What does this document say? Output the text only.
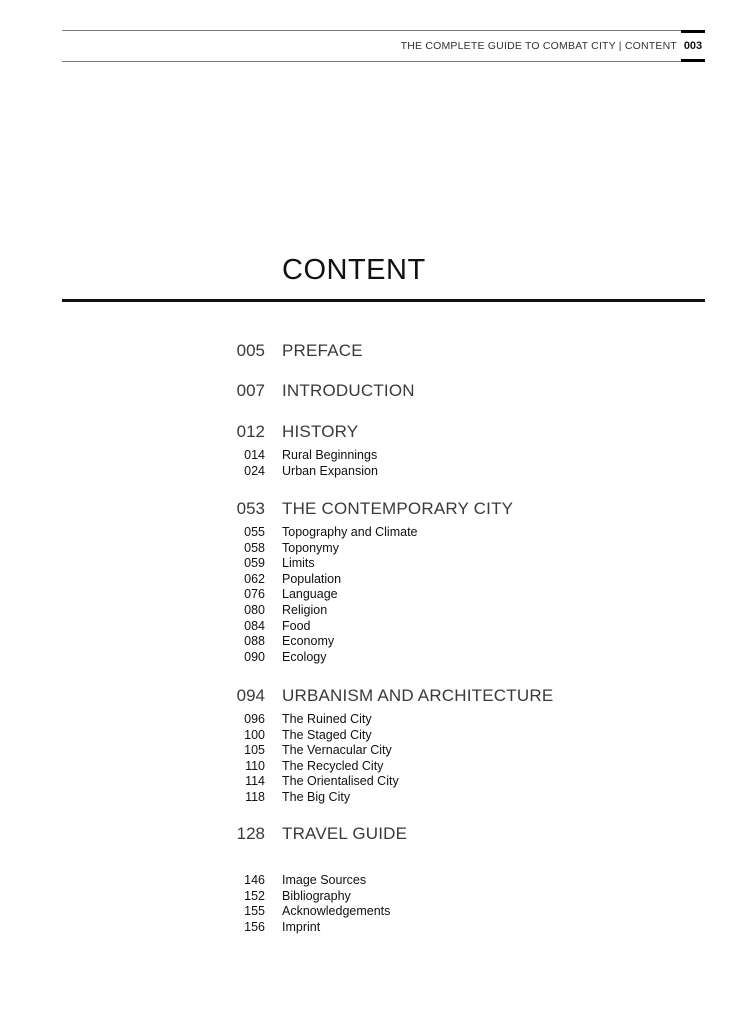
THE COMPLETE GUIDE TO COMBAT CITY | CONTENT 003
CONTENT
005 PREFACE
007 INTRODUCTION
012 HISTORY
014 Rural Beginnings
024 Urban Expansion
053 THE CONTEMPORARY CITY
055 Topography and Climate
058 Toponymy
059 Limits
062 Population
076 Language
080 Religion
084 Food
088 Economy
090 Ecology
094 URBANISM AND ARCHITECTURE
096 The Ruined City
100 The Staged City
105 The Vernacular City
110 The Recycled City
114 The Orientalised City
118 The Big City
128 TRAVEL GUIDE
146 Image Sources
152 Bibliography
155 Acknowledgements
156 Imprint
